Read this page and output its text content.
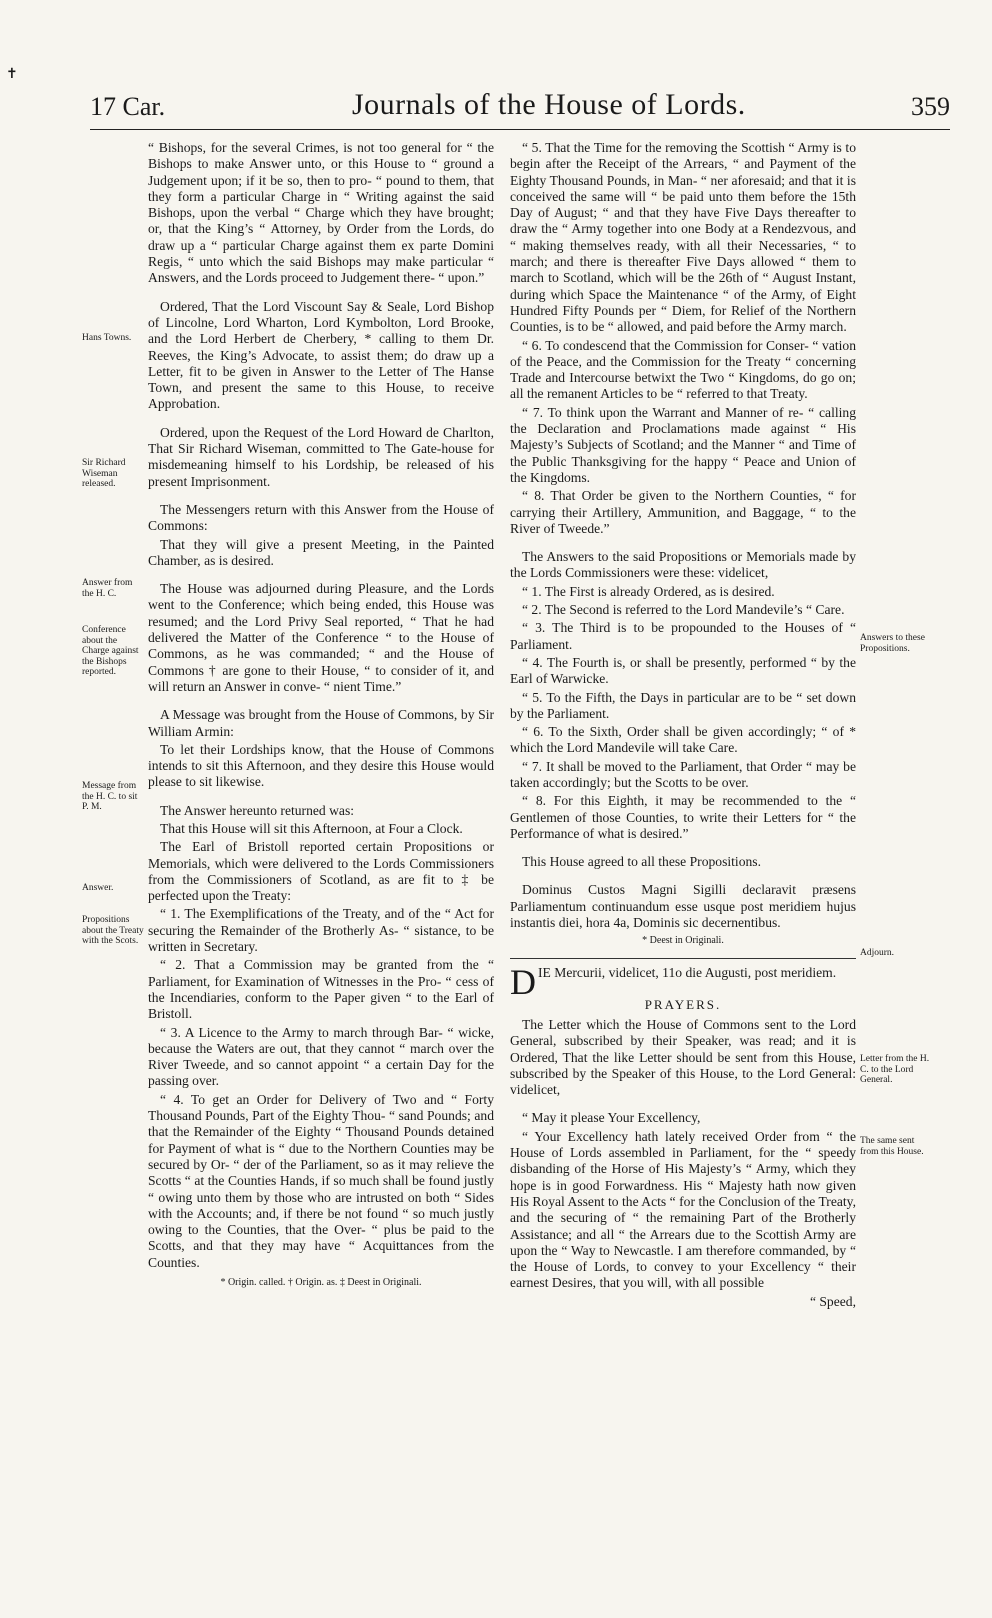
✝
17 Car.	Journals of the House of Lords.	359
Hans Towns.
Sir Richard Wiseman released.
Answer from the H. C.
Conference about the Charge against the Bishops reported.
Message from the H. C. to sit P. M.
Answer.
Propositions about the Treaty with the Scots.
Answers to these Propositions.
Adjourn.
Letter from the H. C. to the Lord General.
The same sent from this House.

“ Bishops, for the several Crimes, is not too general for “ the Bishops to make Answer unto, or this House to “ ground a Judgement upon; if it be so, then to pro- “ pound to them, that they form a particular Charge in “ Writing against the said Bishops, upon the verbal “ Charge which they have brought; or, that the King’s “ Attorney, by Order from the Lords, do draw up a “ particular Charge against them ex parte Domini Regis, “ unto which the said Bishops may make particular “ Answers, and the Lords proceed to Judgement there- “ upon.”

Ordered, That the Lord Viscount Say & Seale, Lord Bishop of Lincolne, Lord Wharton, Lord Kymbolton, Lord Brooke, and the Lord Herbert de Cherbery, * calling to them Dr. Reeves, the King’s Advocate, to assist them; do draw up a Letter, fit to be given in Answer to the Letter of The Hanse Town, and present the same to this House, to receive Approbation.

Ordered, upon the Request of the Lord Howard de Charlton, That Sir Richard Wiseman, committed to The Gate-house for misdemeaning himself to his Lordship, be released of his present Imprisonment.

The Messengers return with this Answer from the House of Commons:

That they will give a present Meeting, in the Painted Chamber, as is desired.

The House was adjourned during Pleasure, and the Lords went to the Conference; which being ended, this House was resumed; and the Lord Privy Seal reported, “ That he had delivered the Matter of the Conference “ to the House of Commons, as he was commanded; “ and the House of Commons † are gone to their House, “ to consider of it, and will return an Answer in conve- “ nient Time.”

A Message was brought from the House of Commons, by Sir William Armin:

To let their Lordships know, that the House of Commons intends to sit this Afternoon, and they desire this House would please to sit likewise.

The Answer hereunto returned was:

That this House will sit this Afternoon, at Four a Clock.

The Earl of Bristoll reported certain Propositions or Memorials, which were delivered to the Lords Commissioners from the Commissioners of Scotland, as are fit to ‡ be perfected upon the Treaty:

“ 1. The Exemplifications of the Treaty, and of the “ Act for securing the Remainder of the Brotherly As- “ sistance, to be written in Secretary.

“ 2. That a Commission may be granted from the “ Parliament, for Examination of Witnesses in the Pro- “ cess of the Incendiaries, conform to the Paper given “ to the Earl of Bristoll.

“ 3. A Licence to the Army to march through Bar- “ wicke, because the Waters are out, that they cannot “ march over the River Tweede, and so cannot appoint “ a certain Day for the passing over.

“ 4. To get an Order for Delivery of Two and “ Forty Thousand Pounds, Part of the Eighty Thou- “ sand Pounds; and that the Remainder of the Eighty “ Thousand Pounds detained for Payment of what is “ due to the Northern Counties may be secured by Or- “ der of the Parliament, so as it may relieve the Scotts “ at the Counties Hands, if so much shall be found justly “ owing unto them by those who are intrusted on both “ Sides with the Accounts; and, if there be not found “ so much justly owing to the Counties, that the Over- “ plus be paid to the Scotts, and that they may have “ Acquittances from the Counties.

* Origin. called. † Origin. as. ‡ Deest in Originali.

“ 5. That the Time for the removing the Scottish “ Army is to begin after the Receipt of the Arrears, “ and Payment of the Eighty Thousand Pounds, in Man- “ ner aforesaid; and that it is conceived the same will “ be paid unto them before the 15th Day of August; “ and that they have Five Days thereafter to draw the “ Army together into one Body at a Rendezvous, and “ making themselves ready, with all their Necessaries, “ to march; and there is thereafter Five Days allowed “ them to march to Scotland, which will be the 26th of “ August Instant, during which Space the Maintenance “ of the Army, of Eight Hundred Fifty Pounds per “ Diem, for Relief of the Northern Counties, is to be “ allowed, and paid before the Army march.

“ 6. To condescend that the Commission for Conser- “ vation of the Peace, and the Commission for the Treaty “ concerning Trade and Intercourse betwixt the Two “ Kingdoms, do go on; all the remanent Articles to be “ referred to that Treaty.

“ 7. To think upon the Warrant and Manner of re- “ calling the Declaration and Proclamations made against “ His Majesty’s Subjects of Scotland; and the Manner “ and Time of the Public Thanksgiving for the happy “ Peace and Union of the Kingdoms.

“ 8. That Order be given to the Northern Counties, “ for carrying their Artillery, Ammunition, and Baggage, “ to the River of Tweede.”

The Answers to the said Propositions or Memorials made by the Lords Commissioners were these: videlicet,

“ 1. The First is already Ordered, as is desired.

“ 2. The Second is referred to the Lord Mandevile’s “ Care.

“ 3. The Third is to be propounded to the Houses of “ Parliament.

“ 4. The Fourth is, or shall be presently, performed “ by the Earl of Warwicke.

“ 5. To the Fifth, the Days in particular are to be “ set down by the Parliament.

“ 6. To the Sixth, Order shall be given accordingly; “ of * which the Lord Mandevile will take Care.

“ 7. It shall be moved to the Parliament, that Order “ may be taken accordingly; but the Scotts to be over.

“ 8. For this Eighth, it may be recommended to the “ Gentlemen of those Counties, to write their Letters for “ the Performance of what is desired.”

This House agreed to all these Propositions.

Dominus Custos Magni Sigilli declaravit præsens Parliamentum continuandum esse usque post meridiem hujus instantis diei, hora 4a, Dominis sic decernentibus.

* Deest in Originali.

DIE Mercurii, videlicet, 11o die Augusti, post meridiem.

PRAYERS.

The Letter which the House of Commons sent to the Lord General, subscribed by their Speaker, was read; and it is Ordered, That the like Letter should be sent from this House, subscribed by the Speaker of this House, to the Lord General: videlicet,

“ May it please Your Excellency,

“ Your Excellency hath lately received Order from “ the House of Lords assembled in Parliament, for the “ speedy disbanding of the Horse of His Majesty’s “ Army, which they hope is in good Forwardness. His “ Majesty hath now given His Royal Assent to the Acts “ for the Conclusion of the Treaty, and the securing of “ the remaining Part of the Brotherly Assistance; and all “ the Arrears due to the Scottish Army are upon the “ Way to Newcastle. I am therefore commanded, by “ the House of Lords, to convey to your Excellency “ their earnest Desires, that you will, with all possible

“ Speed,
